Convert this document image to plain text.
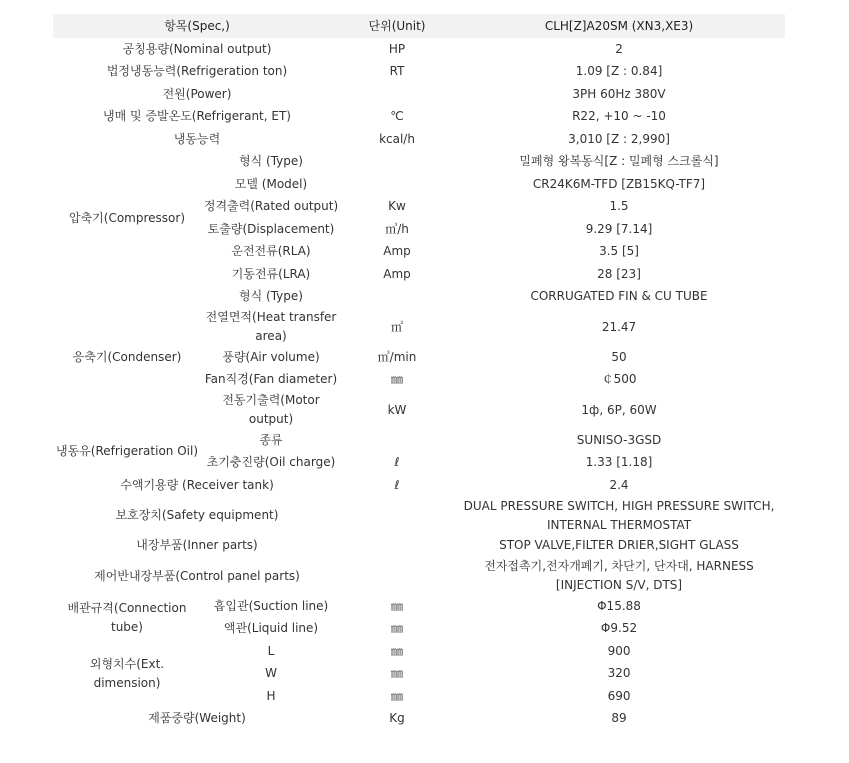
항목(Spec,)		단위(Unit)	CLH[Z]A20SM (XN3,XE3)
공칭용량(Nominal output)		HP	2
법정냉동능력(Refrigeration ton)		RT	1.09 [Z : 0.84]
전원(Power)			3PH 60Hz 380V
냉매 및 증발온도(Refrigerant, ET)		℃	R22, +10 ~ -10
냉동능력		kcal/h	3,010 [Z : 2,990]
압축기(Compressor)	형식 (Type)		밀폐형 왕복동식[Z : 밀폐형 스크롤식]
	모델 (Model)		CR24K6M-TFD [ZB15KQ-TF7]
	정격출력(Rated output)	Kw	1.5
	토출량(Displacement)	㎥/h	9.29 [7.14]
	운전전류(RLA)	Amp	3.5 [5]
	기동전류(LRA)	Amp	28 [23]
응축기(Condenser)	형식 (Type)		CORRUGATED FIN & CU TUBE
	전열면적(Heat transfer area)	㎡	21.47
	풍량(Air volume)	㎥/min	50
	Fan직경(Fan diameter)	㎜	￠500
	전동기출력(Motor output)	kW	1ф, 6P, 60W
냉동유(Refrigeration Oil)	종류		SUNISO-3GSD
	초기충진량(Oil charge)	ℓ	1.33 [1.18]
수액기용량 (Receiver tank)		ℓ	2.4
보호장치(Safety equipment)			DUAL PRESSURE SWITCH, HIGH PRESSURE SWITCH, INTERNAL THERMOSTAT
내장부품(Inner parts)			STOP VALVE,FILTER DRIER,SIGHT GLASS
제어반내장부품(Control panel parts)			전자접촉기,전자개폐기, 차단기, 단자대, HARNESS [INJECTION S/V, DTS]
배관규격(Connection tube)	흡입관(Suction line)	㎜	Φ15.88
	액관(Liquid line)	㎜	Φ9.52
외형치수(Ext. dimension)	L	㎜	900
	W	㎜	320
	H	㎜	690
제품중량(Weight)		Kg	89
